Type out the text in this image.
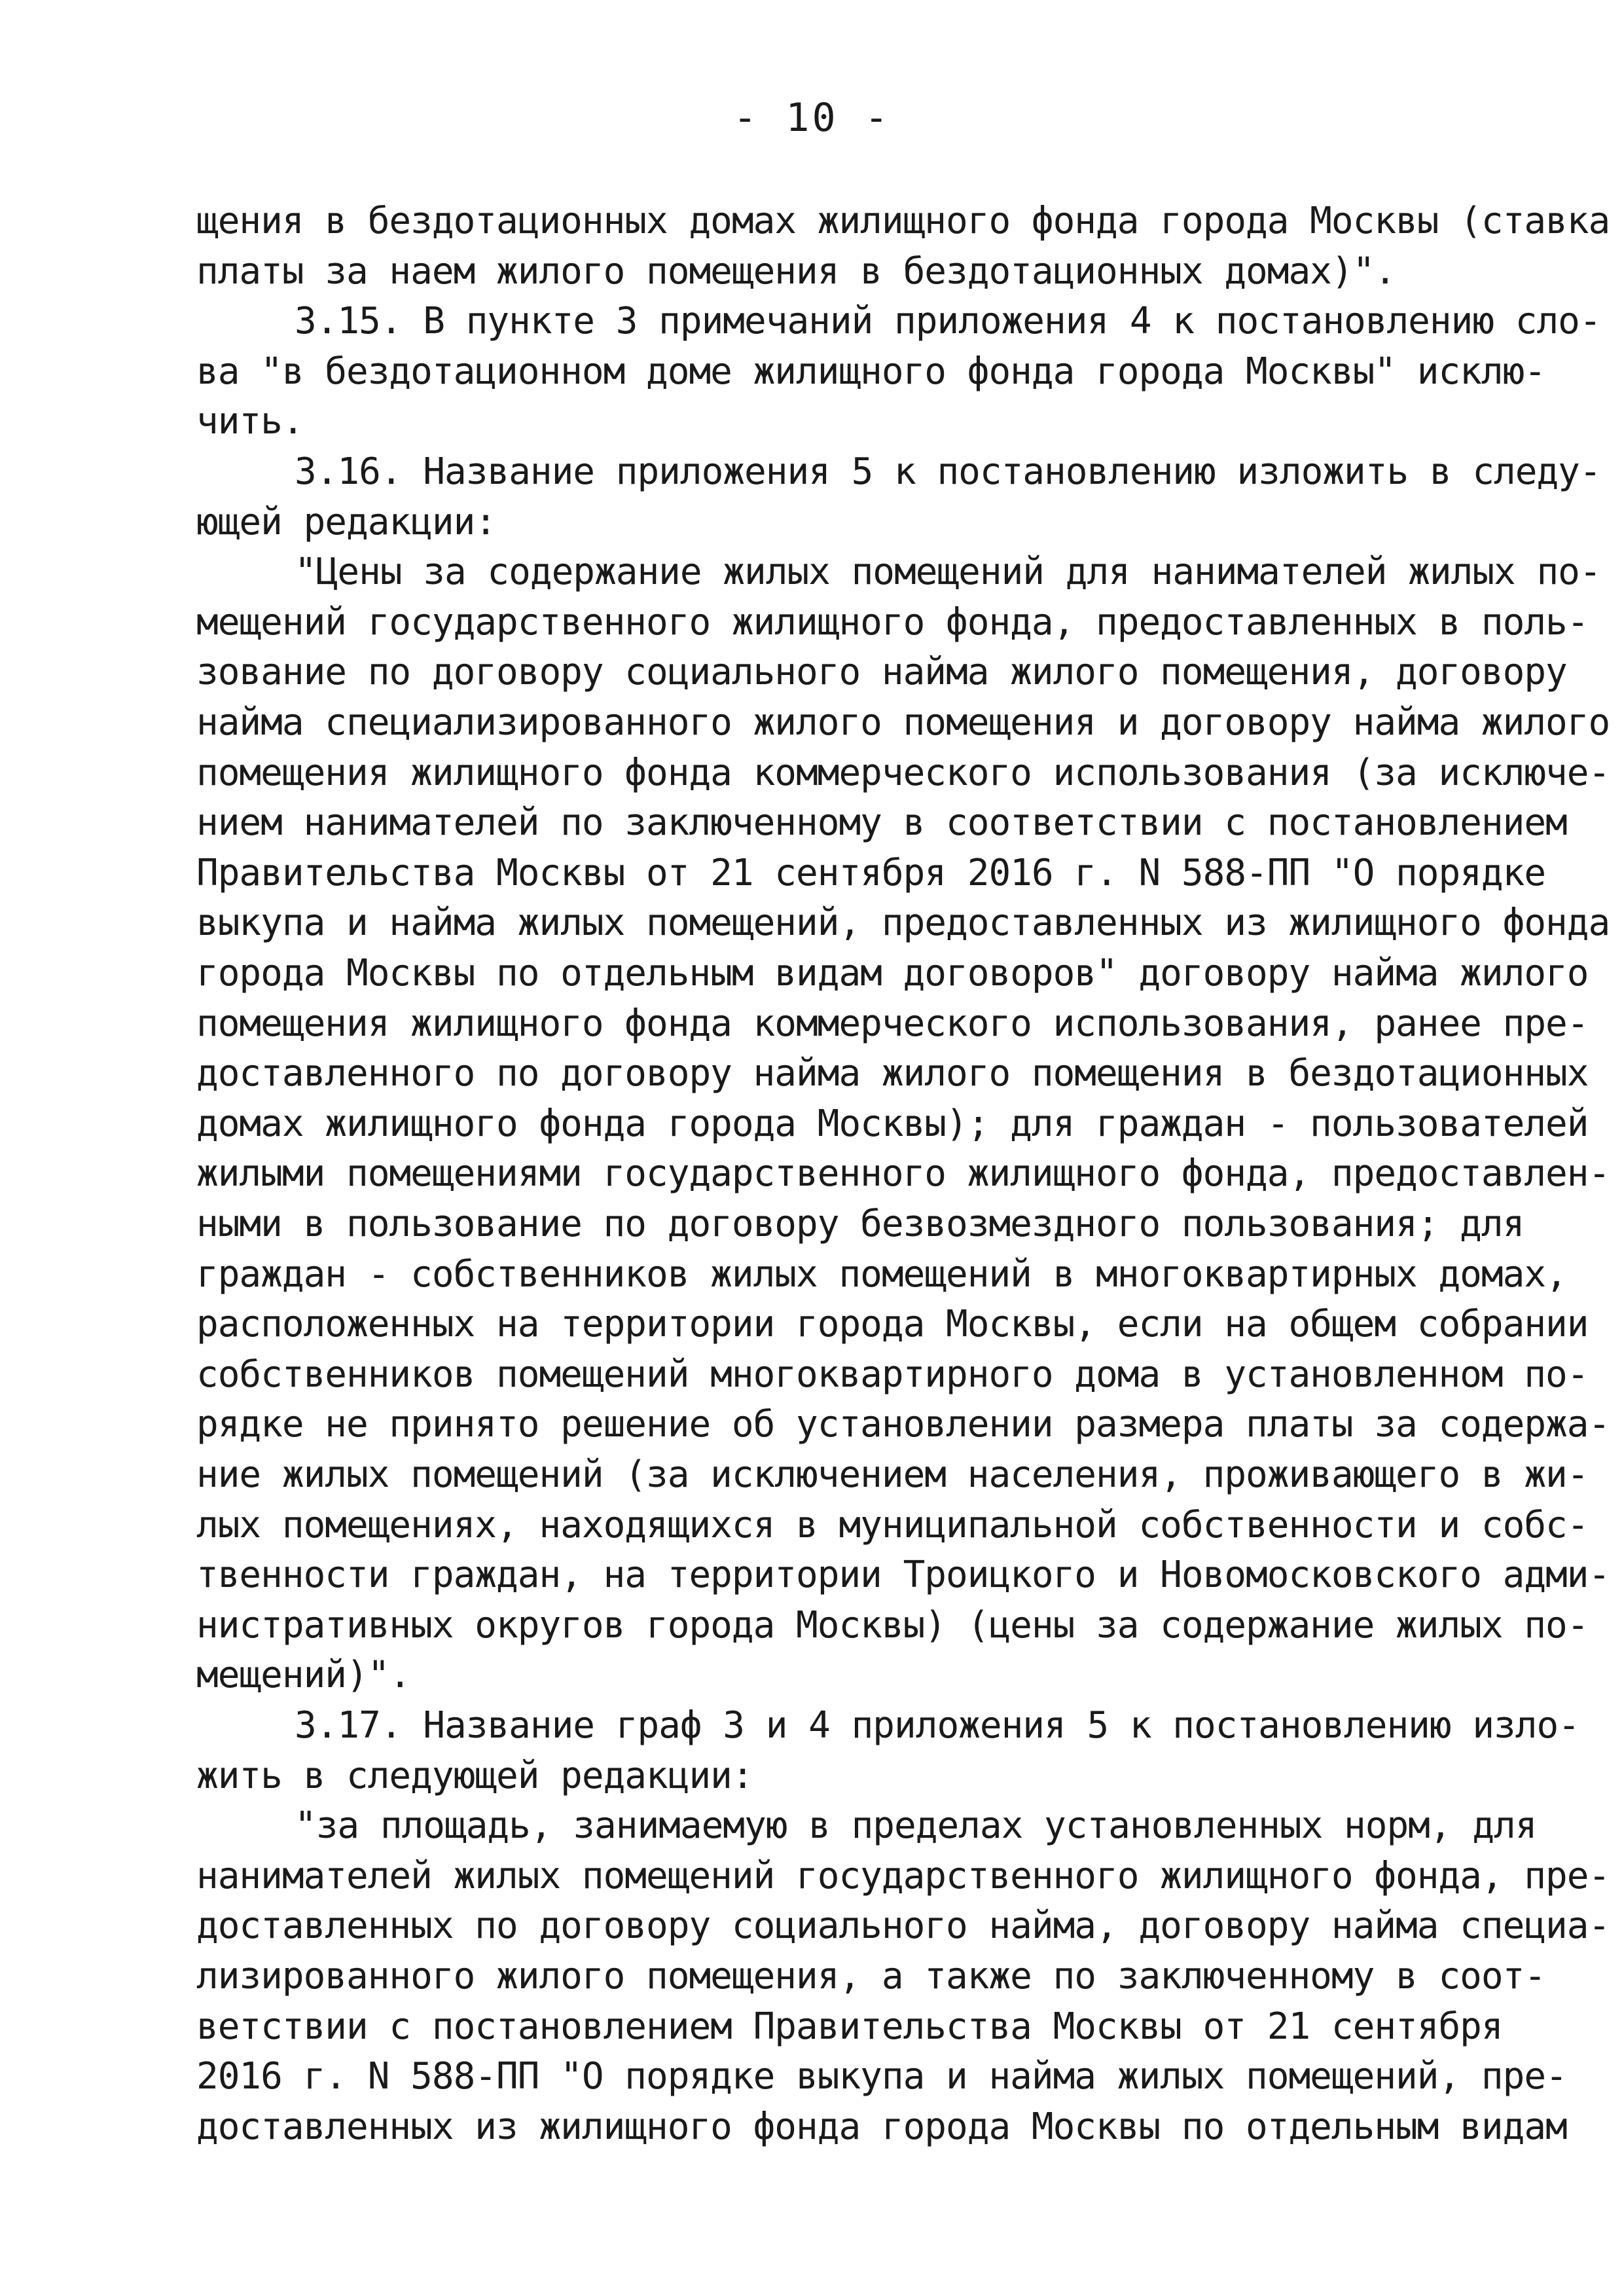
- 10 -
щения в бездотационных домах жилищного фонда города Москвы (ставка
платы за наем жилого помещения в бездотационных домах)".
3.15. В пункте 3 примечаний приложения 4 к постановлению сло-
ва "в бездотационном доме жилищного фонда города Москвы" исклю-
чить.
3.16. Название приложения 5 к постановлению изложить в следу-
ющей редакции:
"Цены за содержание жилых помещений для нанимателей жилых по-
мещений государственного жилищного фонда, предоставленных в поль-
зование по договору социального найма жилого помещения, договору
найма специализированного жилого помещения и договору найма жилого
помещения жилищного фонда коммерческого использования (за исключе-
нием нанимателей по заключенному в соответствии с постановлением
Правительства Москвы от 21 сентября 2016 г. N 588-ПП "О порядке
выкупа и найма жилых помещений, предоставленных из жилищного фонда
города Москвы по отдельным видам договоров" договору найма жилого
помещения жилищного фонда коммерческого использования, ранее пре-
доставленного по договору найма жилого помещения в бездотационных
домах жилищного фонда города Москвы); для граждан - пользователей
жилыми помещениями государственного жилищного фонда, предоставлен-
ными в пользование по договору безвозмездного пользования; для
граждан - собственников жилых помещений в многоквартирных домах,
расположенных на территории города Москвы, если на общем собрании
собственников помещений многоквартирного дома в установленном по-
рядке не принято решение об установлении размера платы за содержа-
ние жилых помещений (за исключением населения, проживающего в жи-
лых помещениях, находящихся в муниципальной собственности и собс-
твенности граждан, на территории Троицкого и Новомосковского адми-
нистративных округов города Москвы) (цены за содержание жилых по-
мещений)".
3.17. Название граф 3 и 4 приложения 5 к постановлению изло-
жить в следующей редакции:
"за площадь, занимаемую в пределах установленных норм, для
нанимателей жилых помещений государственного жилищного фонда, пре-
доставленных по договору социального найма, договору найма специа-
лизированного жилого помещения, а также по заключенному в соот-
ветствии с постановлением Правительства Москвы от 21 сентября
2016 г. N 588-ПП "О порядке выкупа и найма жилых помещений, пре-
доставленных из жилищного фонда города Москвы по отдельным видам
